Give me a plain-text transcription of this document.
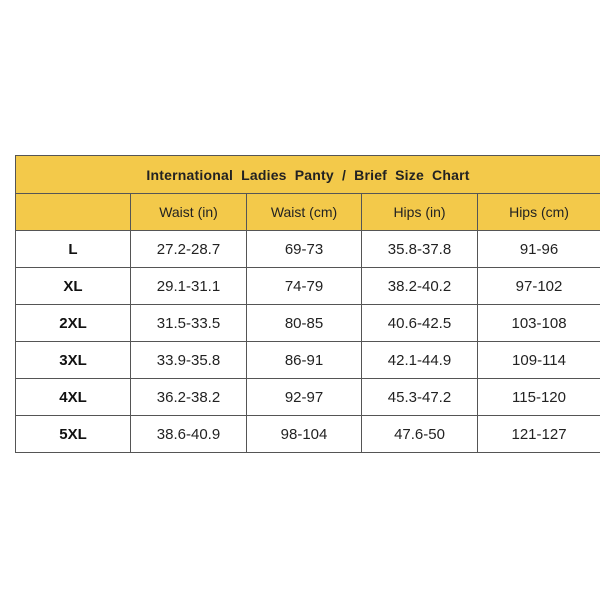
International Ladies Panty / Brief Size Chart				
	Waist (in)	Waist (cm)	Hips (in)	Hips (cm)
L	27.2-28.7	69-73	35.8-37.8	91-96
XL	29.1-31.1	74-79	38.2-40.2	97-102
2XL	31.5-33.5	80-85	40.6-42.5	103-108
3XL	33.9-35.8	86-91	42.1-44.9	109-114
4XL	36.2-38.2	92-97	45.3-47.2	115-120
5XL	38.6-40.9	98-104	47.6-50	121-127
